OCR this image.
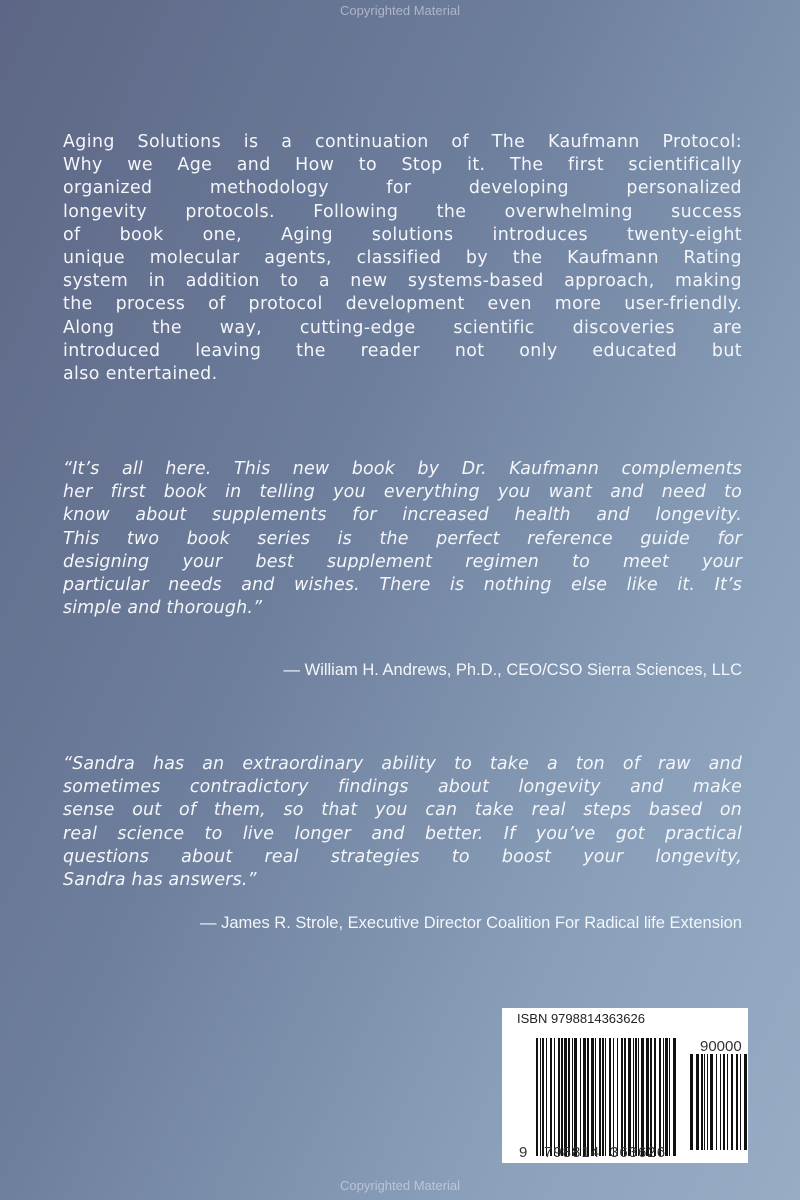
Copyrighted Material
Aging Solutions is a continuation of The Kaufmann Protocol:
Why we Age and How to Stop it. The first scientifically
organized methodology for developing personalized
longevity protocols. Following the overwhelming success
of book one, Aging solutions introduces twenty-eight
unique molecular agents, classified by the Kaufmann Rating
system in addition to a new systems-based approach, making
the process of protocol development even more user-friendly.
Along the way, cutting-edge scientific discoveries are
introduced leaving the reader not only educated but
also entertained.
“It’s all here. This new book by Dr. Kaufmann complements
her first book in telling you everything you want and need to
know about supplements for increased health and longevity.
This two book series is the perfect reference guide for
designing your best supplement regimen to meet your
particular needs and wishes. There is nothing else like it. It’s
simple and thorough.”
— William H. Andrews, Ph.D., CEO/CSO Sierra Sciences, LLC
“Sandra has an extraordinary ability to take a ton of raw and
sometimes contradictory findings about longevity and make
sense out of them, so that you can take real steps based on
real science to live longer and better. If you’ve got practical
questions about real strategies to boost your longevity,
Sandra has answers.”
— James R. Strole, Executive Director Coalition For Radical life Extension
ISBN 9798814363626
90000
9 798814 363626
Copyrighted Material
